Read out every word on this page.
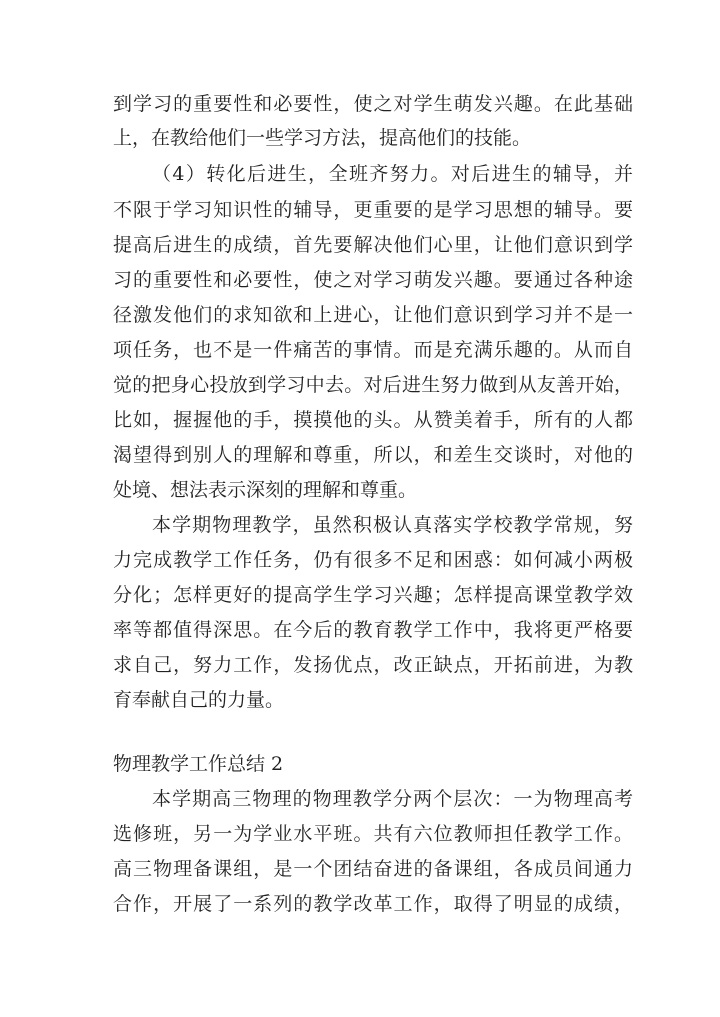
到学习的重要性和必要性，使之对学生萌发兴趣。在此基础
上，在教给他们一些学习方法，提高他们的技能。
（4）转化后进生，全班齐努力。对后进生的辅导，并
不限于学习知识性的辅导，更重要的是学习思想的辅导。要
提高后进生的成绩，首先要解决他们心里，让他们意识到学
习的重要性和必要性，使之对学习萌发兴趣。要通过各种途
径激发他们的求知欲和上进心，让他们意识到学习并不是一
项任务，也不是一件痛苦的事情。而是充满乐趣的。从而自
觉的把身心投放到学习中去。对后进生努力做到从友善开始，
比如，握握他的手，摸摸他的头。从赞美着手，所有的人都
渴望得到别人的理解和尊重，所以，和差生交谈时，对他的
处境、想法表示深刻的理解和尊重。
本学期物理教学，虽然积极认真落实学校教学常规，努
力完成教学工作任务，仍有很多不足和困惑：如何减小两极
分化；怎样更好的提高学生学习兴趣；怎样提高课堂教学效
率等都值得深思。在今后的教育教学工作中，我将更严格要
求自己，努力工作，发扬优点，改正缺点，开拓前进，为教
育奉献自己的力量。
物理教学工作总结 2
本学期高三物理的物理教学分两个层次：一为物理高考
选修班，另一为学业水平班。共有六位教师担任教学工作。
高三物理备课组，是一个团结奋进的备课组，各成员间通力
合作，开展了一系列的教学改革工作，取得了明显的成绩，
